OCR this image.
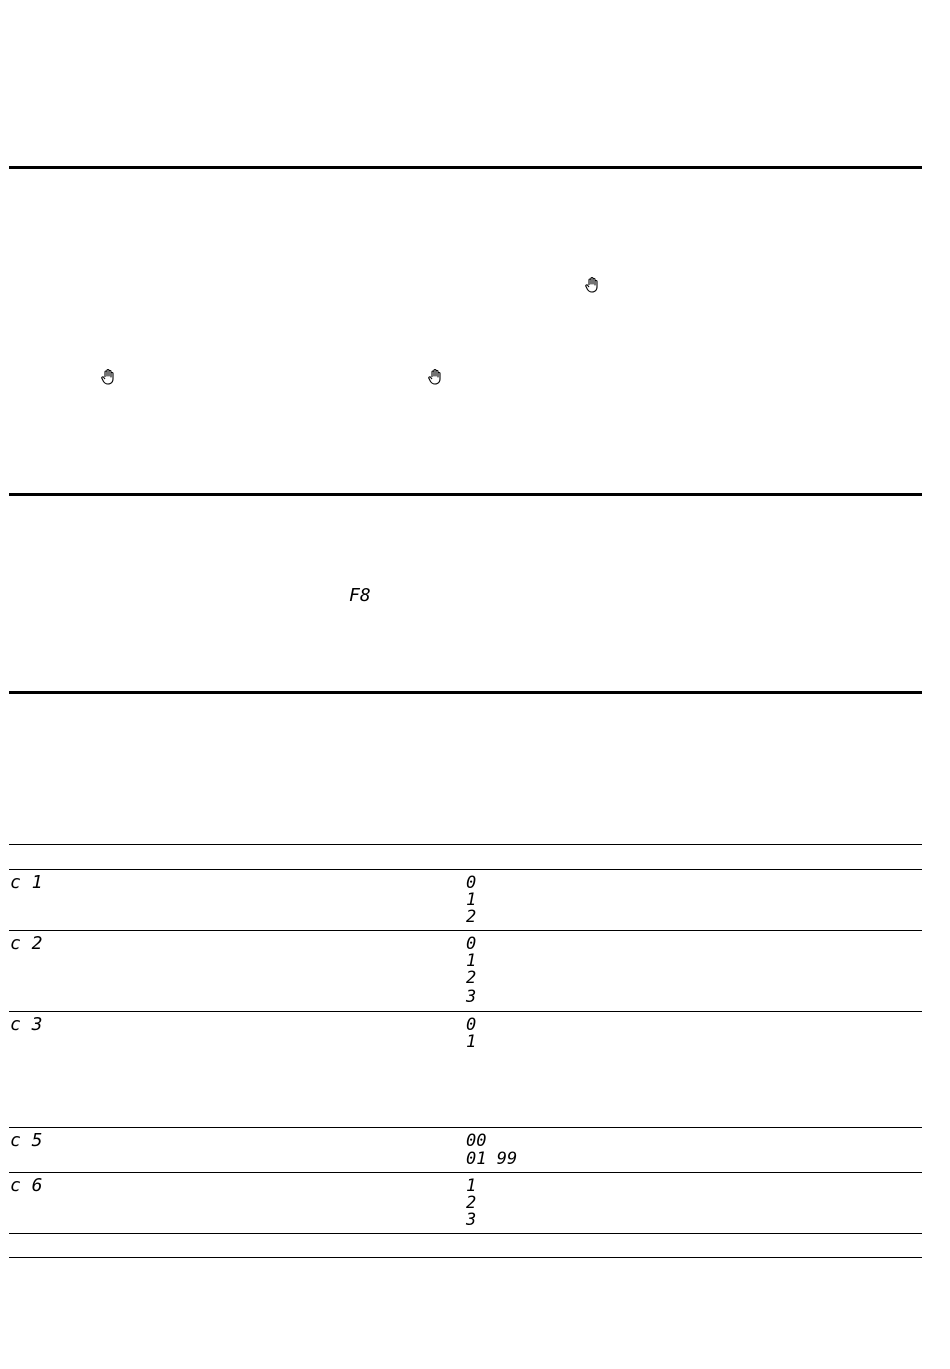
F8
c 1	0
1
2
c 2	0
1
2
3
c 3	0
1
c 5	00
01 99
c 6	1
2
3
